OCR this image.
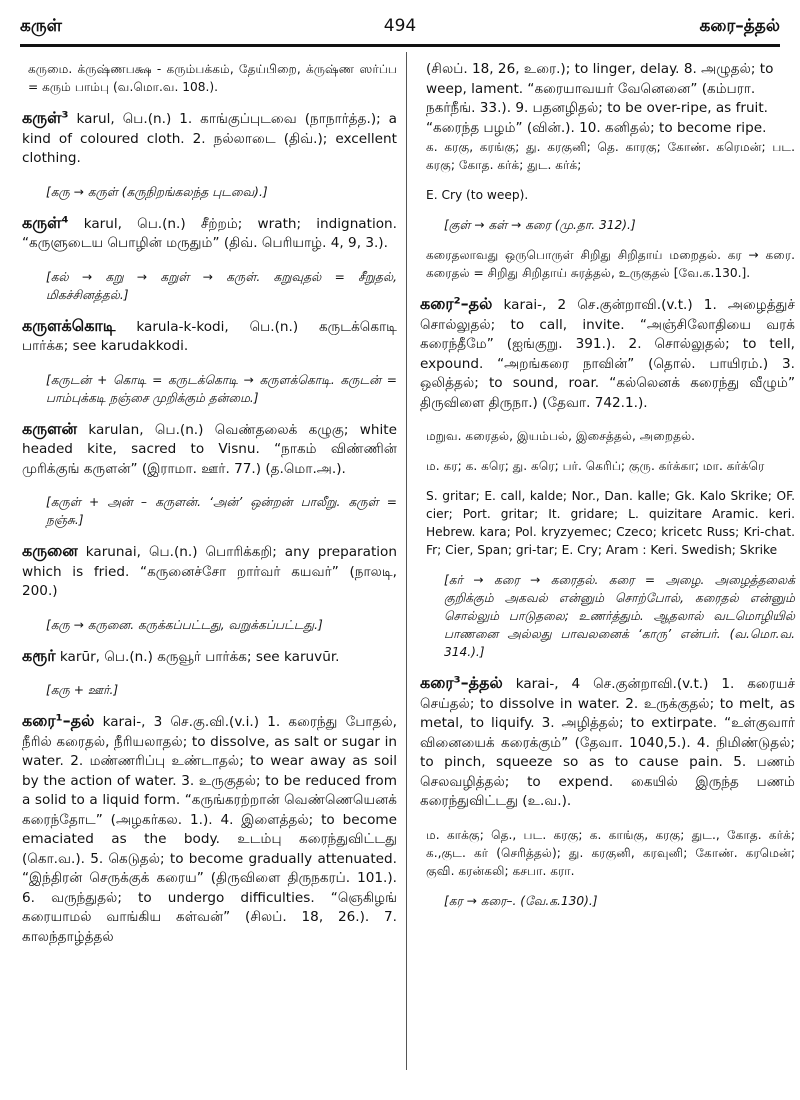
கருள்	494	கரை–த்தல்
கருமை. க்ருஷ்ணபக்ஷ - கரும்பக்கம், தேய்பிறை, க்ருஷ்ண ஸர்ப்ப = கரும் பாம்பு (வ.மொ.வ. 108.).
கருள்³ karul, பெ.(n.) 1. காங்குப்புடவை (நாநார்த்த.); a kind of coloured cloth. 2. நல்லாடை (திவ்.); excellent clothing.
[கரு → கருள் (கருநிறங்கலந்த புடவை).]
கருள்⁴ karul, பெ.(n.) சீற்றம்; wrath; indignation. “கருளுடைய பொழின் மருதும்” (திவ். பெரியாழ். 4, 9, 3.).
[கல் → கறு → கறுள் → கருள். கறுவுதல் = சீறுதல், மிகச்சினத்தல்.]
கருளக்கொடி karula-k-kodi, பெ.(n.) கருடக்கொடி பார்க்க; see karudakkodi.
[கருடன் + கொடி = கருடக்கொடி → கருளக்கொடி. கருடன் = பாம்புக்கடி நஞ்சை முறிக்கும் தன்மை.]
கருளன் karulan, பெ.(n.) வெண்தலைக் கழுகு; white headed kite, sacred to Visnu. “நாகம் விண்ணின் முரிக்குங் கருளன்” (இராமா. ஊர். 77.) (த.மொ.அ.).
[கருள் + அன் – கருளன். ‘அன்’ ஒன்றன் பாலீறு. கருள் = நஞ்சு.]
கருனை karunai, பெ.(n.) பொரிக்கறி; any preparation which is fried. “கருனைச்சோ றார்வர் கயவர்” (நாலடி, 200.)
[கரு → கருனை. கருக்கப்பட்டது, வறுக்கப்பட்டது.]
கரூர் karūr, பெ.(n.) கருவூர் பார்க்க; see karuvūr.
[கரு + ஊர்.]
கரை¹–தல் karai-, 3 செ.கு.வி.(v.i.) 1. கரைந்து போதல், நீரில் கரைதல், நீரியலாதல்; to dissolve, as salt or sugar in water. 2. மண்ணரிப்பு உண்டாதல்; to wear away as soil by the action of water. 3. உருகுதல்; to be reduced from a solid to a liquid form. “கருங்கரற்றான் வெண்ணெயெனக் கரைந்தோட” (அழகர்கல. 1.). 4. இளைத்தல்; to become emaciated as the body. உடம்பு கரைந்துவிட்டது (கொ.வ.). 5. கெடுதல்; to become gradually attenuated. “இந்திரன் செருக்குக் கரைய” (திருவிளை திருநகரப். 101.). 6. வருந்துதல்; to undergo difficulties. “ஞெகிழங் கரையாமல் வாங்கிய கள்வன்” (சிலப். 18, 26.). 7. காலந்தாழ்த்தல்
(சிலப். 18, 26, உரை.); to linger, delay. 8. அழுதல்; to weep, lament. “கரையாவயர் வேனெனை” (கம்பரா. நகர்நீங். 33.). 9. பதனழிதல்; to be over-ripe, as fruit. “கரைந்த பழம்” (வின்.). 10. கனிதல்; to become ripe.
க. கரகு, கரங்கு; து. கரகுனி; தெ. காரகு; கோண். கரெமன்; பட. கரகு; கோத. கர்க்; துட. கர்க்;
E. Cry (to weep).
[குள் → கள் → கரை (மு.தா. 312).]
கரைதலாவது ஒருபொருள் சிறிது சிறிதாய் மறைதல். கர → கரை. கரைதல் = சிறிது சிறிதாய் சுரத்தல், உருகுதல் [வே.க.130.].
கரை²–தல் karai-, 2 செ.குன்றாவி.(v.t.) 1. அழைத்துச் சொல்லுதல்; to call, invite. “அஞ்சிலோதியை வரக் கரைந்தீமே” (ஐங்குறு. 391.). 2. சொல்லுதல்; to tell, expound. “அறங்கரை நாவின்” (தொல். பாயிரம்.) 3. ஒலித்தல்; to sound, roar. “கல்லெனக் கரைந்து வீழும்” திருவிளை திருநா.) (தேவா. 742.1.).
மறுவ. கரைதல், இயம்பல், இசைத்தல், அறைதல்.
ம. கர; க. கரெ; து. கரெ; பர். கெரிப்; குரு. கர்க்கா; மா. கர்க்ரெ
S. gritar; E. call, kalde; Nor., Dan. kalle; Gk. Kalo Skrike; OF. cier; Port. gritar; It. gridare; L. quizitare Aramic. keri. Hebrew. kara; Pol. kryzyemec; Czeco; kricetc Russ; Kri-chat. Fr; Cier, Span; gri-tar; E. Cry; Aram : Keri. Swedish; Skrike
[கர் → கரை → கரைதல். கரை = அழை. அழைத்தலைக் குறிக்கும் அகவல் என்னும் சொற்போல், கரைதல் என்னும் சொல்லும் பாடுதலை; உணர்த்தும். ஆதலால் வடமொழியில் பாணனை அல்லது பாவலனைக் ‘காரு’ என்பர். (வ.மொ.வ. 314.).]
கரை³–த்தல் karai-, 4 செ.குன்றாவி.(v.t.) 1. கரையச் செய்தல்; to dissolve in water. 2. உருக்குதல்; to melt, as metal, to liquify. 3. அழித்தல்; to extirpate. “உள்குவார் வினையைக் கரைக்கும்” (தேவா. 1040,5.). 4. நிமிண்டுதல்; to pinch, squeeze so as to cause pain. 5. பணம் செலவழித்தல்; to expend. கையில் இருந்த பணம் கரைந்துவிட்டது (உ.வ.).
ம. காக்கு; தெ., பட. கரகு; க. காங்கு, கரகு; துட., கோத. கர்க்; க.,குட. கர் (செரித்தல்); து. கரகுனி, கரவுனி; கோண். கரமென்; குவி. கரன்கலி; கசபா. கரா.
[கர → கரை–. (வே.க.130).]
